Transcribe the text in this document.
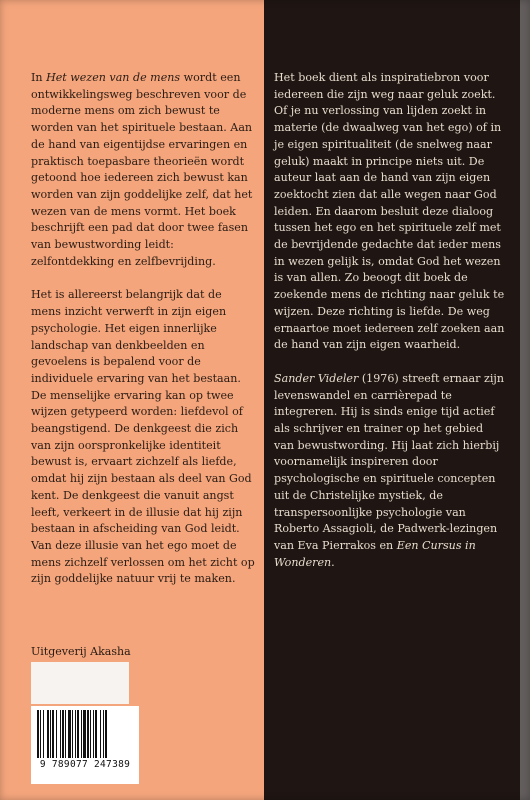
In Het wezen van de mens wordt een ontwikkelingsweg beschreven voor de moderne mens om zich bewust te worden van het spirituele bestaan. Aan de hand van eigentijdse ervaringen en praktisch toepasbare theorieën wordt getoond hoe iedereen zich bewust kan worden van zijn goddelijke zelf, dat het wezen van de mens vormt. Het boek beschrijft een pad dat door twee fasen van bewustwording leidt: zelfontdekking en zelfbevrijding.

Het is allereerst belangrijk dat de mens inzicht verwerft in zijn eigen psychologie. Het eigen innerlijke landschap van denkbeelden en gevoelens is bepalend voor de individuele ervaring van het bestaan. De menselijke ervaring kan op twee wijzen getypeerd worden: liefdevol of beangstigend. De denkgeest die zich van zijn oorspronkelijke identiteit bewust is, ervaart zichzelf als liefde, omdat hij zijn bestaan als deel van God kent. De denkgeest die vanuit angst leeft, verkeert in de illusie dat hij zijn bestaan in afscheiding van God leidt. Van deze illusie van het ego moet de mens zichzelf verlossen om het zicht op zijn goddelijke natuur vrij te maken.

Het boek dient als inspiratiebron voor iedereen die zijn weg naar geluk zoekt. Of je nu verlossing van lijden zoekt in materie (de dwaalweg van het ego) of in je eigen spiritualiteit (de snelweg naar geluk) maakt in principe niets uit. De auteur laat aan de hand van zijn eigen zoektocht zien dat alle wegen naar God leiden. En daarom besluit deze dialoog tussen het ego en het spirituele zelf met de bevrijdende gedachte dat ieder mens in wezen gelijk is, omdat God het wezen is van allen. Zo beoogt dit boek de zoekende mens de richting naar geluk te wijzen. Deze richting is liefde. De weg ernaartoe moet iedereen zelf zoeken aan de hand van zijn eigen waarheid.

Sander Videler (1976) streeft ernaar zijn levenswandel en carrièrepad te integreren. Hij is sinds enige tijd actief als schrijver en trainer op het gebied van bewustwording. Hij laat zich hierbij voornamelijk inspireren door psychologische en spirituele concepten uit de Christelijke mystiek, de transpersoonlijke psychologie van Roberto Assagioli, de Padwerk-lezingen van Eva Pierrakos en Een Cursus in Wonderen.

Uitgeverij Akasha
9 789077 247389
